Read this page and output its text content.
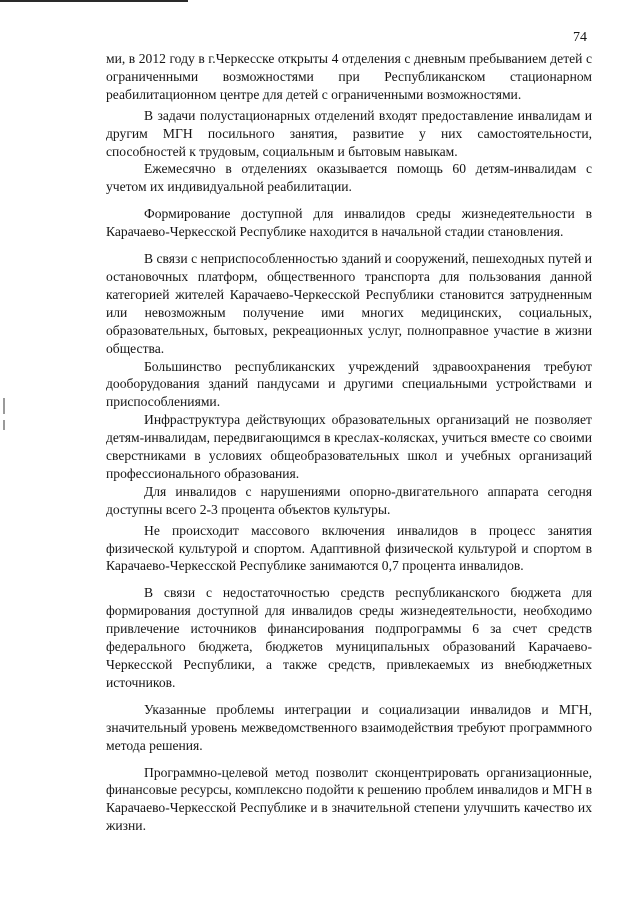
74

ми, в 2012 году в г.Черкесске открыты 4 отделения с дневным пребыванием детей с ограниченными возможностями при Республиканском стационарном реабилитационном центре для детей с ограниченными возможностями.

В задачи полустационарных отделений входят предоставление инвалидам и другим МГН посильного занятия, развитие у них самостоятельности, способностей к трудовым, социальным и бытовым навыкам.

Ежемесячно в отделениях оказывается помощь 60 детям-инвалидам с учетом их индивидуальной реабилитации.

Формирование доступной для инвалидов среды жизнедеятельности в Карачаево-Черкесской Республике находится в начальной стадии становления.

В связи с неприспособленностью зданий и сооружений, пешеходных путей и остановочных платформ, общественного транспорта для пользования данной категорией жителей Карачаево-Черкесской Республики становится затрудненным или невозможным получение ими многих медицинских, социальных, образовательных, бытовых, рекреационных услуг, полноправное участие в жизни общества.

Большинство республиканских учреждений здравоохранения требуют дооборудования зданий пандусами и другими специальными устройствами и приспособлениями.

Инфраструктура действующих образовательных организаций не позволяет детям-инвалидам, передвигающимся в креслах-колясках, учиться вместе со своими сверстниками в условиях общеобразовательных школ и учебных организаций профессионального образования.

Для инвалидов с нарушениями опорно-двигательного аппарата сегодня доступны всего 2-3 процента объектов культуры.

Не происходит массового включения инвалидов в процесс занятия физической культурой и спортом. Адаптивной физической культурой и спортом в Карачаево-Черкесской Республике занимаются 0,7 процента инвалидов.

В связи с недостаточностью средств республиканского бюджета для формирования доступной для инвалидов среды жизнедеятельности, необходимо привлечение источников финансирования подпрограммы 6 за счет средств федерального бюджета, бюджетов муниципальных образований Карачаево-Черкесской Республики, а также средств, привлекаемых из внебюджетных источников.

Указанные проблемы интеграции и социализации инвалидов и МГН, значительный уровень межведомственного взаимодействия требуют программного метода решения.

Программно-целевой метод позволит сконцентрировать организационные, финансовые ресурсы, комплексно подойти к решению проблем инвалидов и МГН в Карачаево-Черкесской Республике и в значительной степени улучшить качество их жизни.
